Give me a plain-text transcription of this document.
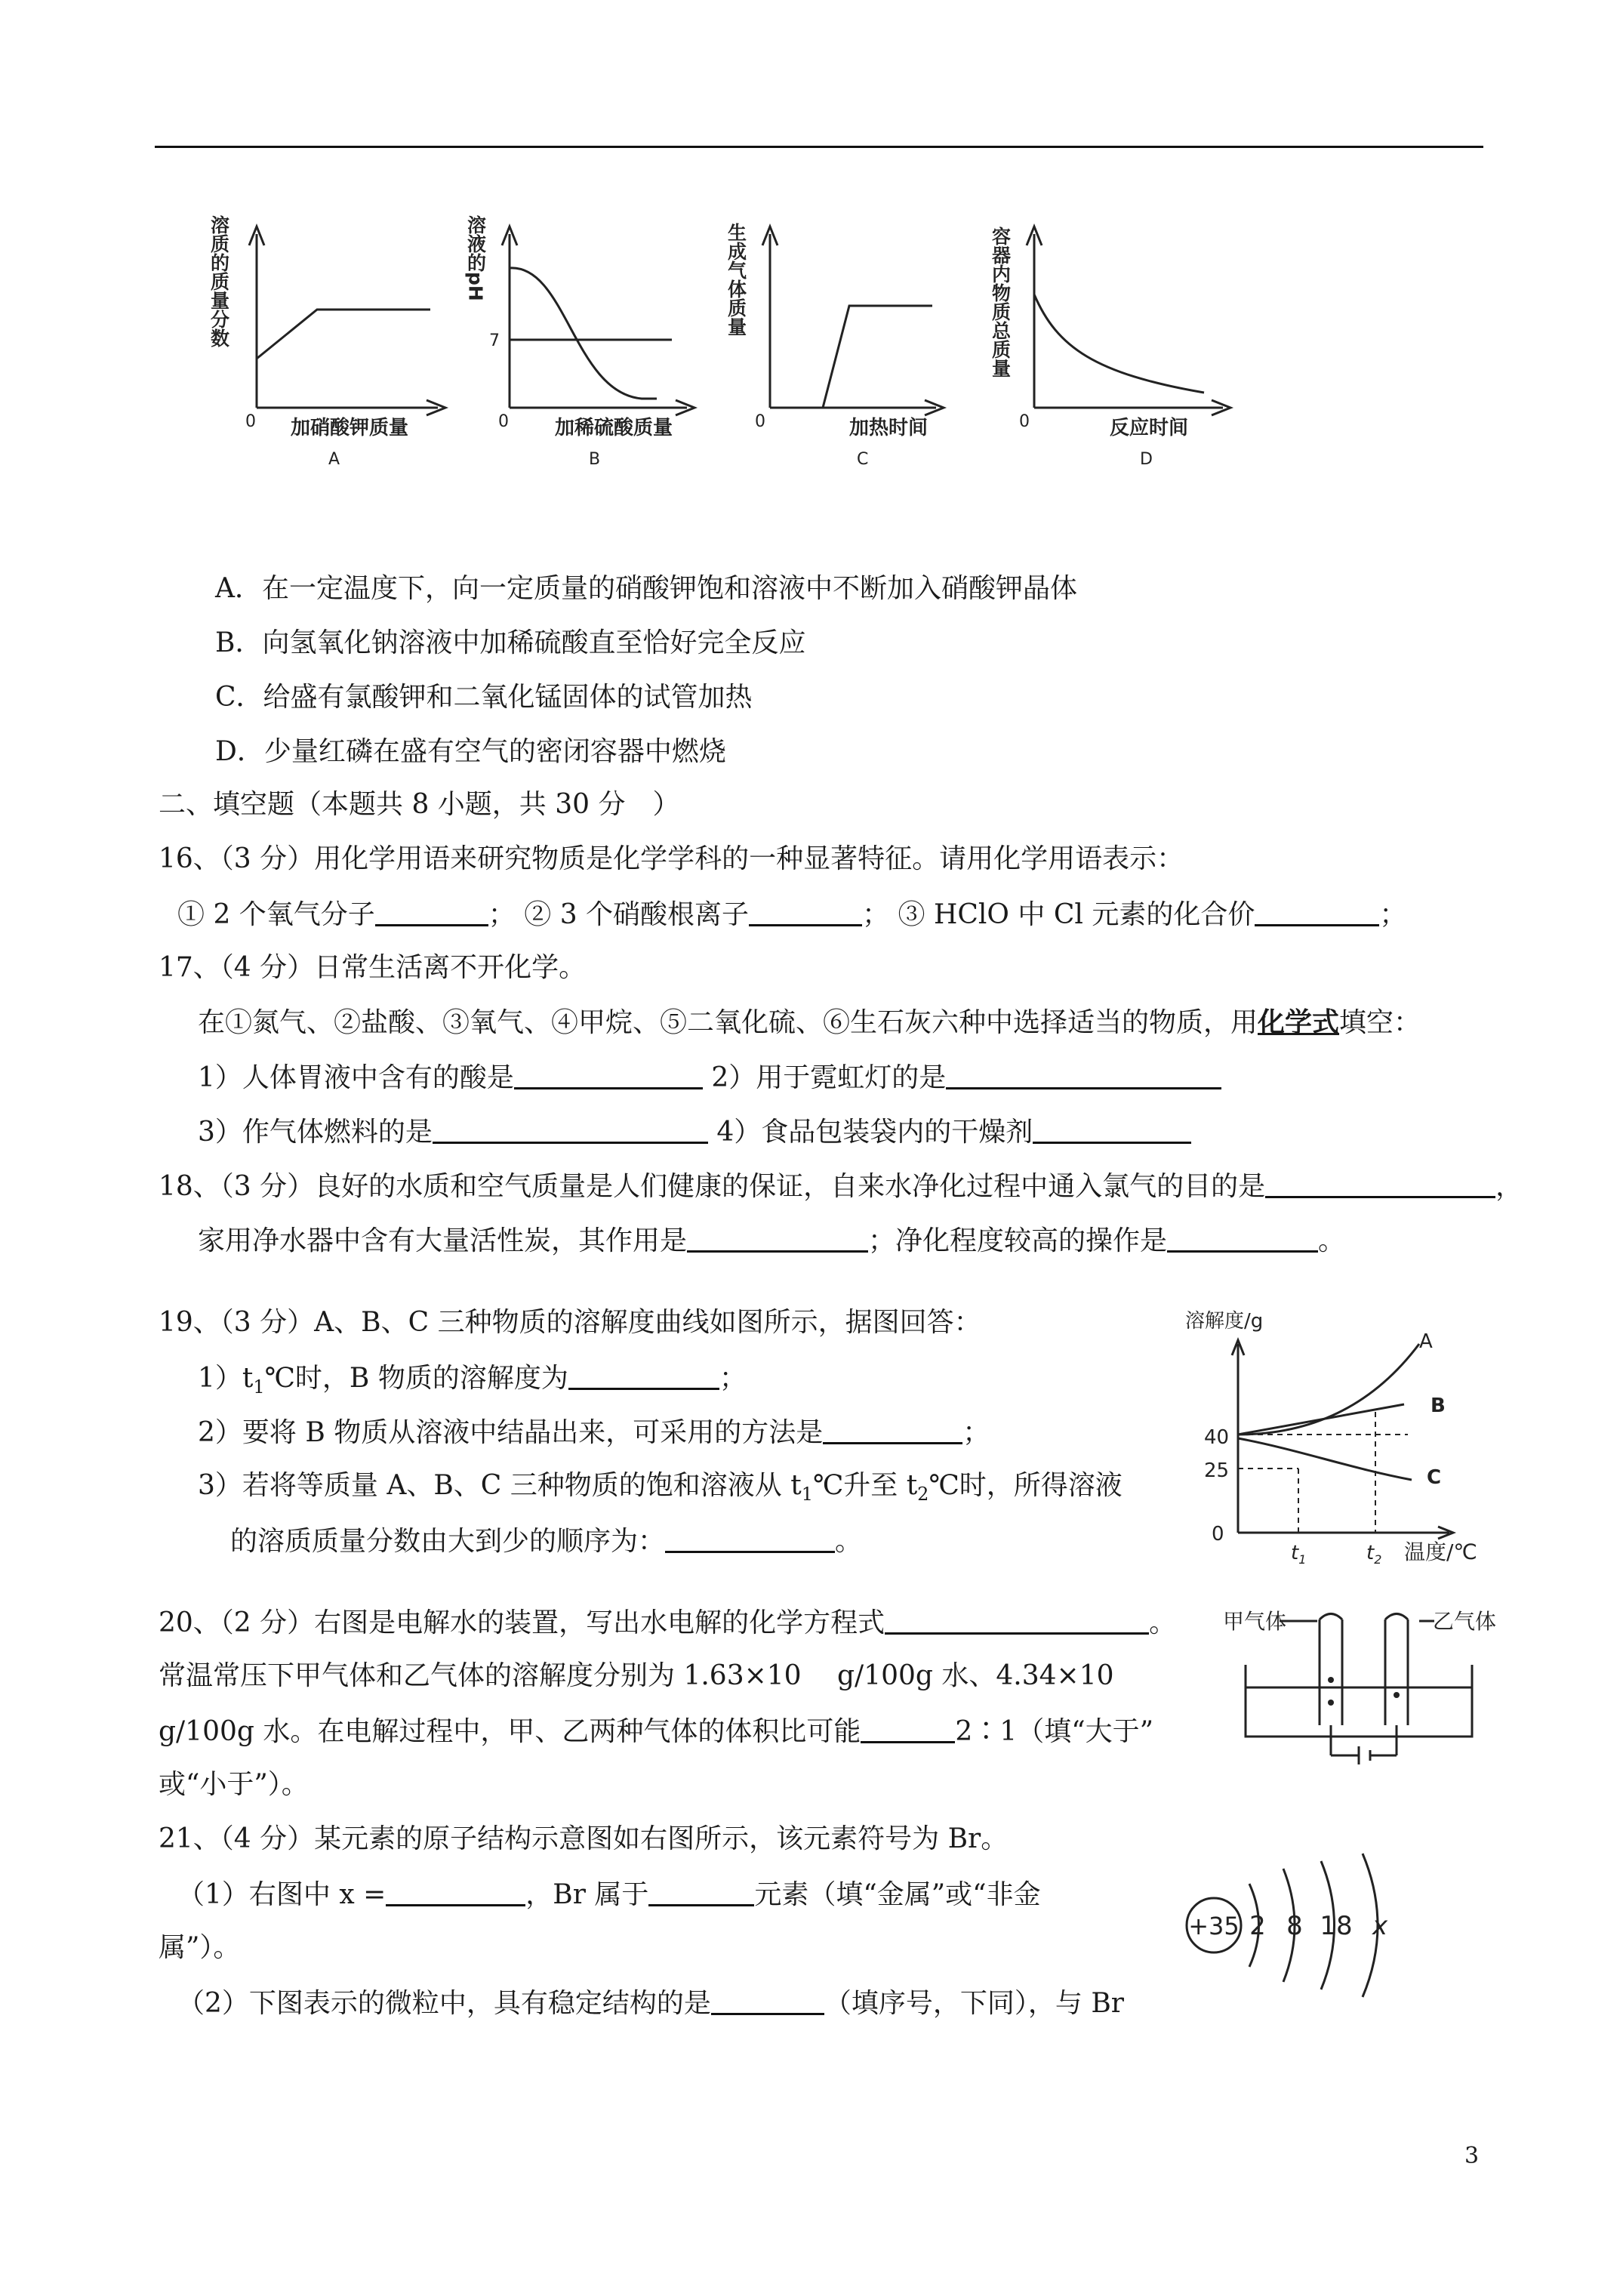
溶质的质量分数
0 加硝酸钾质量
A
溶液的pH
7
0 加稀硫酸质量
B
生成气体质量
0	加热时间
C
容器内物质总质量
0	反应时间
D
A．在一定温度下，向一定质量的硝酸钾饱和溶液中不断加入硝酸钾晶体
B．向氢氧化钠溶液中加稀硫酸直至恰好完全反应
C．给盛有氯酸钾和二氧化锰固体的试管加热
D．少量红磷在盛有空气的密闭容器中燃烧
二、填空题（本题共 8 小题，共 30 分　）
16、（3 分）用化学用语来研究物质是化学学科的一种显著特征。请用化学用语表示：
① 2 个氧气分子	； ② 3 个硝酸根离子	； ③ HClO 中 Cl 元素的化合价	；
17、（4 分）日常生活离不开化学。
在①氮气、②盐酸、③氧气、④甲烷、⑤二氧化硫、⑥生石灰六种中选择适当的物质，用化学式填空：
1）人体胃液中含有的酸是	2）用于霓虹灯的是
3）作气体燃料的是	4）食品包装袋内的干燥剂
18、（3 分）良好的水质和空气质量是人们健康的保证，自来水净化过程中通入氯气的目的是	，
家用净水器中含有大量活性炭，其作用是	；净化程度较高的操作是	。
19、（3 分）A、B、C 三种物质的溶解度曲线如图所示，据图回答：
$1)t_1℃$时，B 物质的溶解度为	；
2）要将 B 物质从溶液中结晶出来，可采用的方法是	；
3）若将等质量 A、B、C 三种物质的饱和溶液从 $t_1℃$升至 $t_2℃$时，所得溶液
的溶质质量分数由大到少的顺序为：	。
溶解度/g
40
25
0
$t_1$	$t_2$ 温度/℃
A
B
C
20、（2 分）右图是电解水的装置，写出水电解的化学方程式	。
常温常压下甲气体和乙气体的溶解度分别为 1.63×10　 g/100g 水、4.34×10
g/100g 水。在电解过程中，甲、乙两种气体的体积比可能	2∶1（填“大于”
或“小于”）。
甲气体	乙气体
21、（4 分）某元素的原子结构示意图如右图所示，该元素符号为 Br。
（1）右图中 x =	，Br 属于	元素（填“金属”或“非金
属”）。
（2）下图表示的微粒中，具有稳定结构的是	（填序号，下同），与 Br
+35 2 8 18 x
3
